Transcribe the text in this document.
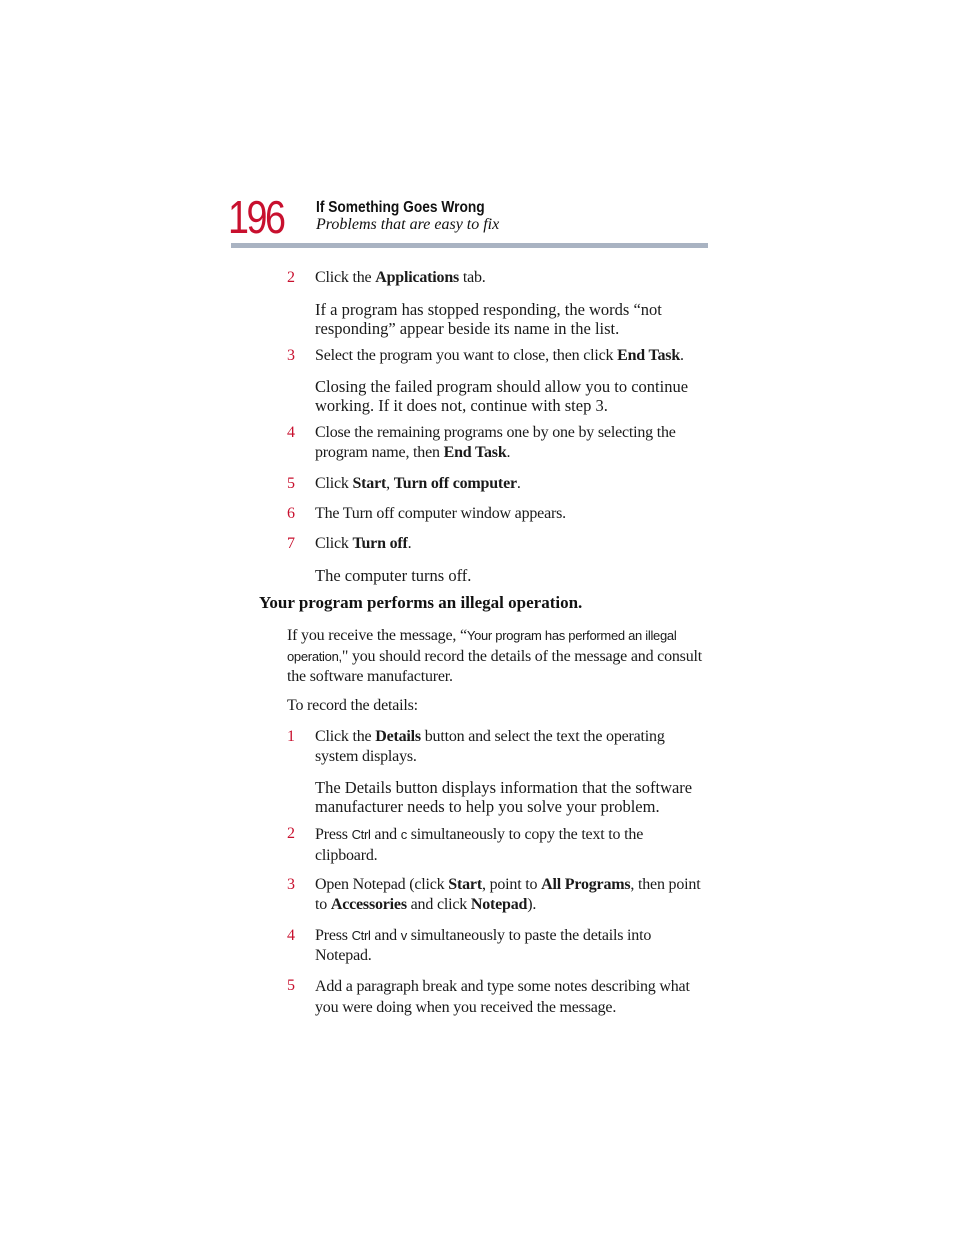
196 If Something Goes Wrong
Problems that are easy to fix
2	Click the Applications tab.
If a program has stopped responding, the words “not responding” appear beside its name in the list.
3	Select the program you want to close, then click End Task.
Closing the failed program should allow you to continue working. If it does not, continue with step 3.
4	Close the remaining programs one by one by selecting the program name, then End Task.
5	Click Start, Turn off computer.
6	The Turn off computer window appears.
7	Click Turn off.
The computer turns off.
Your program performs an illegal operation.
If you receive the message, “Your program has performed an illegal operation," you should record the details of the message and consult the software manufacturer.
To record the details:
1	Click the Details button and select the text the operating system displays.
The Details button displays information that the software manufacturer needs to help you solve your problem.
2	Press Ctrl and c simultaneously to copy the text to the clipboard.
3	Open Notepad (click Start, point to All Programs, then point to Accessories and click Notepad).
4	Press Ctrl and v simultaneously to paste the details into Notepad.
5	Add a paragraph break and type some notes describing what you were doing when you received the message.
